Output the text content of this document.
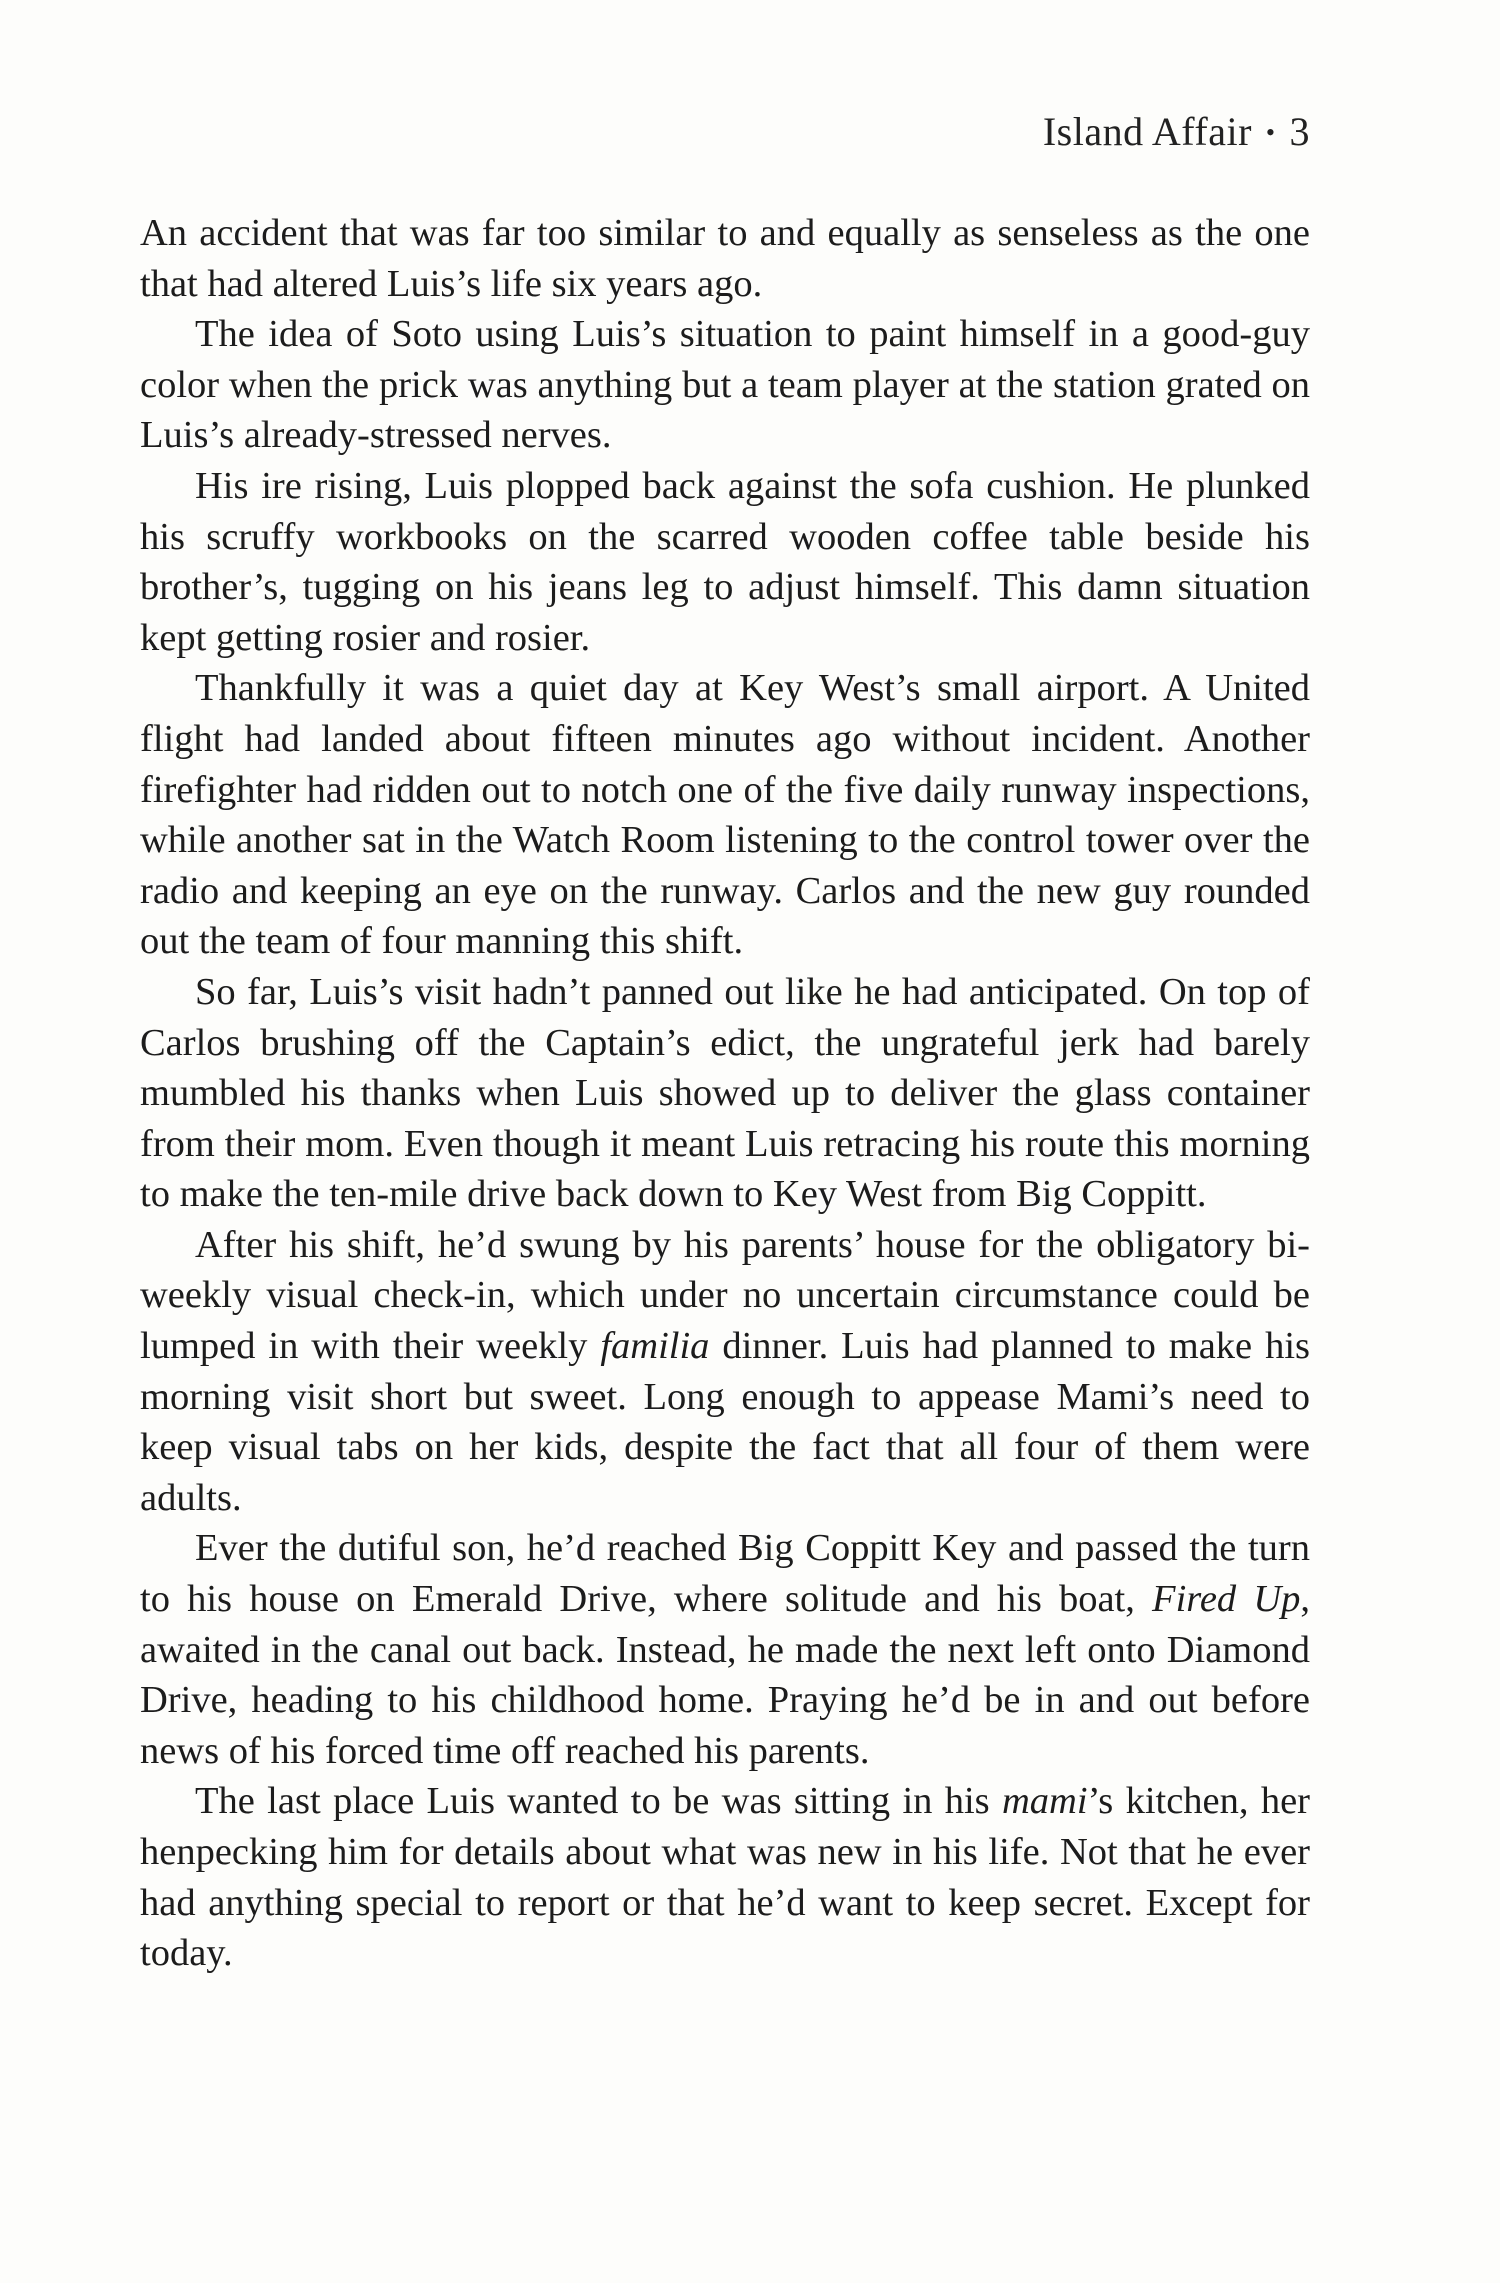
Island Affair • 3

An accident that was far too similar to and equally as senseless as the one that had altered Luis’s life six years ago.

The idea of Soto using Luis’s situation to paint himself in a good-guy color when the prick was anything but a team player at the station grated on Luis’s already-stressed nerves.

His ire rising, Luis plopped back against the sofa cushion. He plunked his scruffy workbooks on the scarred wooden coffee table beside his brother’s, tugging on his jeans leg to adjust himself. This damn situation kept getting rosier and rosier.

Thankfully it was a quiet day at Key West’s small airport. A United flight had landed about fifteen minutes ago without incident. Another firefighter had ridden out to notch one of the five daily runway inspections, while another sat in the Watch Room listening to the control tower over the radio and keeping an eye on the runway. Carlos and the new guy rounded out the team of four manning this shift.

So far, Luis’s visit hadn’t panned out like he had anticipated. On top of Carlos brushing off the Captain’s edict, the ungrateful jerk had barely mumbled his thanks when Luis showed up to deliver the glass container from their mom. Even though it meant Luis retracing his route this morning to make the ten-mile drive back down to Key West from Big Coppitt.

After his shift, he’d swung by his parents’ house for the obligatory bi-weekly visual check-in, which under no uncertain circumstance could be lumped in with their weekly familia dinner. Luis had planned to make his morning visit short but sweet. Long enough to appease Mami’s need to keep visual tabs on her kids, despite the fact that all four of them were adults.

Ever the dutiful son, he’d reached Big Coppitt Key and passed the turn to his house on Emerald Drive, where solitude and his boat, Fired Up, awaited in the canal out back. Instead, he made the next left onto Diamond Drive, heading to his childhood home. Praying he’d be in and out before news of his forced time off reached his parents.

The last place Luis wanted to be was sitting in his mami’s kitchen, her henpecking him for details about what was new in his life. Not that he ever had anything special to report or that he’d want to keep secret. Except for today.
